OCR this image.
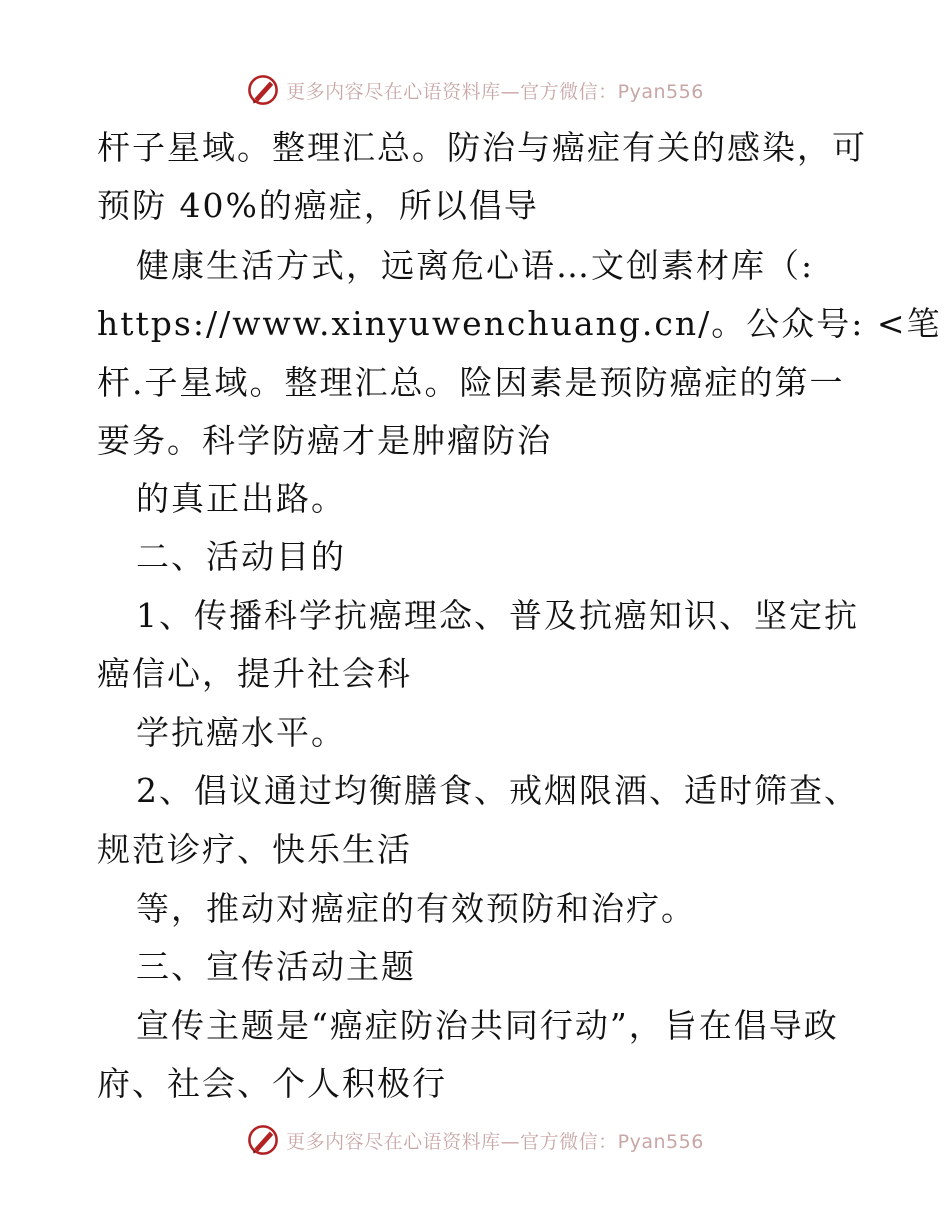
更多内容尽在心语资料库—官方微信：Pyan556
杆子星域。整理汇总。防治与癌症有关的感染，可
预防 40%的癌症，所以倡导
健康生活方式，远离危心语…文创素材库（:
https://www.xinyuwenchuang.cn/。公众号: <笔
杆.子星域。整理汇总。险因素是预防癌症的第一
要务。科学防癌才是肿瘤防治
的真正出路。
二、活动目的
1、传播科学抗癌理念、普及抗癌知识、坚定抗
癌信心，提升社会科
学抗癌水平。
2、倡议通过均衡膳食、戒烟限酒、适时筛查、
规范诊疗、快乐生活
等，推动对癌症的有效预防和治疗。
三、宣传活动主题
宣传主题是“癌症防治共同行动”，旨在倡导政
府、社会、个人积极行
更多内容尽在心语资料库—官方微信：Pyan556
